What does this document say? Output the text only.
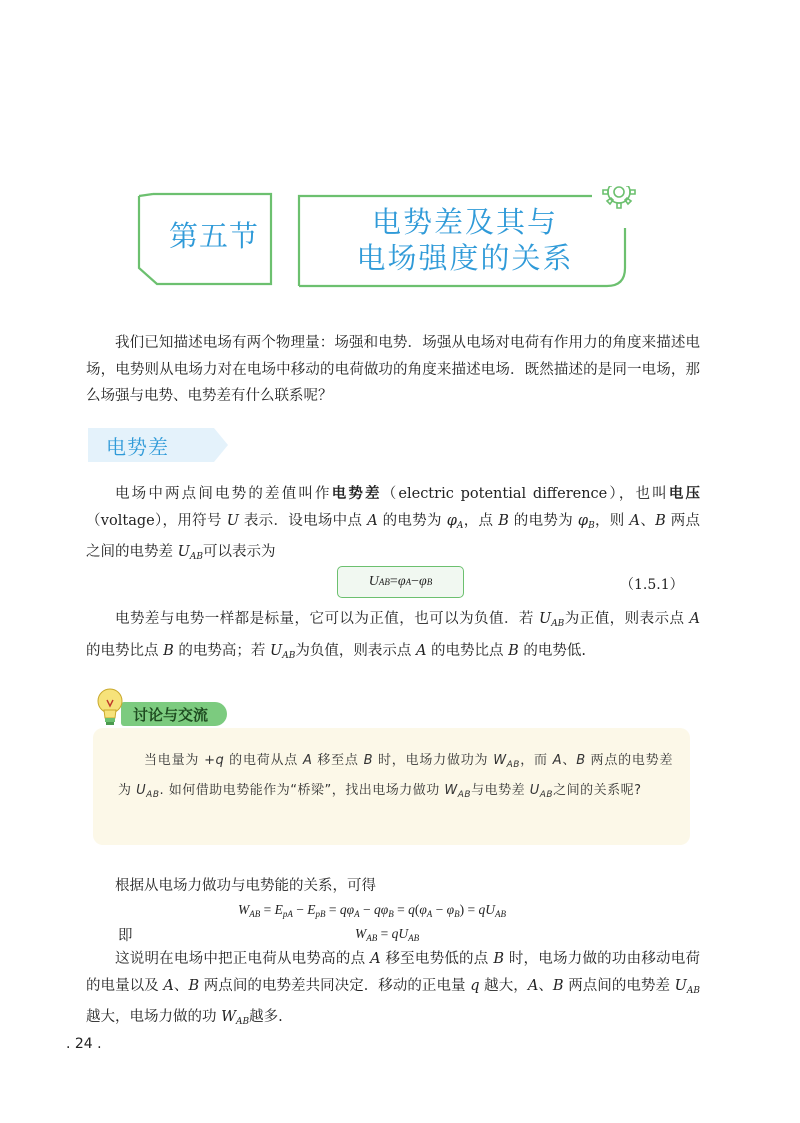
第五节	电势差及其与
电场强度的关系

我们已知描述电场有两个物理量：场强和电势．场强从电场对电荷有作用力的角度来描述电场，电势则从电场力对在电场中移动的电荷做功的角度来描述电场．既然描述的是同一电场，那么场强与电势、电势差有什么联系呢？

电势差

电场中两点间电势的差值叫作电势差（electric potential difference），也叫电压（voltage），用符号 U 表示．设电场中点 A 的电势为 $\varphi_A$，点 B 的电势为 $\varphi_B$，则 A、B 两点之间的电势差 $U_{AB}$可以表示为

U AB = φ A − φ B	（1.5.1）

电势差与电势一样都是标量，它可以为正值，也可以为负值．若 $U_{AB}$为正值，则表示点 A 的电势比点 B 的电势高；若 $U_{AB}$为负值，则表示点 A 的电势比点 B 的电势低.

讨论与交流

当电量为 +q 的电荷从点 A 移至点 B 时，电场力做功为 $W_{AB}$，而 A、B 两点的电势差为 $U_{AB}$. 如何借助电势能作为“桥梁”，找出电场力做功 $W_{AB}$与电势差 $U_{AB}$之间的关系呢?

根据从电场力做功与电势能的关系，可得

$W_{AB} = E_{pA} - E_{pB} = q\varphi_A - q\varphi_B = q(\varphi_A - \varphi_B) = qU_{AB}$
即	$W_{AB} = qU_{AB}$

这说明在电场中把正电荷从电势高的点 A 移至电势低的点 B 时，电场力做的功由移动电荷的电量以及 A、B 两点间的电势差共同决定．移动的正电量 q 越大，A、B 两点间的电势差 $U_{AB}$越大，电场力做的功 $W_{AB}$越多.

. 24 .
